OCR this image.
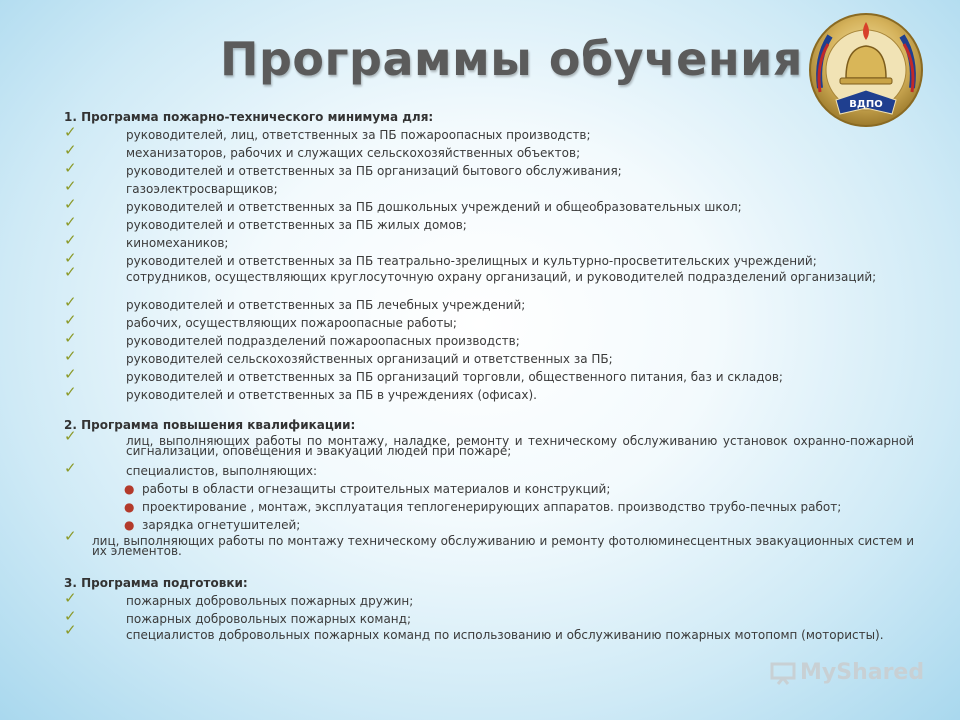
Программы обучения
ВДПО
1. Программа пожарно-технического минимума для:
✓	руководителей, лиц, ответственных за ПБ пожароопасных производств;
✓	механизаторов, рабочих и служащих сельскохозяйственных объектов;
✓	руководителей и ответственных за ПБ организаций бытового обслуживания;
✓	газоэлектросварщиков;
✓	руководителей и ответственных за ПБ дошкольных учреждений и общеобразовательных школ;
✓	руководителей и ответственных за ПБ жилых домов;
✓	киномехаников;
✓	руководителей и ответственных за ПБ театрально-зрелищных и культурно-просветительских учреждений;
✓	сотрудников, осуществляющих круглосуточную охрану организаций, и руководителей подразделений организаций;
✓	руководителей и ответственных за ПБ лечебных учреждений;
✓	рабочих, осуществляющих пожароопасные работы;
✓	руководителей подразделений пожароопасных производств;
✓	руководителей сельскохозяйственных организаций и ответственных за ПБ;
✓	руководителей и ответственных за ПБ организаций торговли, общественного питания, баз и складов;
✓	руководителей и ответственных за ПБ в учреждениях (офисах).
2. Программа повышения квалификации:
✓	лиц, выполняющих работы по монтажу, наладке, ремонту и техническому обслуживанию установок охранно-пожарной сигнализации, оповещения и эвакуации людей при пожаре;
✓	специалистов, выполняющих:
● работы в области огнезащиты строительных материалов и конструкций;
● проектирование , монтаж, эксплуатация теплогенерирующих аппаратов. производство трубо-печных работ;
● зарядка огнетушителей;
✓ лиц, выполняющих работы по монтажу техническому обслуживанию и ремонту фотолюминесцентных эвакуационных систем и их элементов.
3. Программа подготовки:
✓	пожарных добровольных пожарных дружин;
✓	пожарных добровольных пожарных команд;
✓	специалистов добровольных пожарных команд по использованию и обслуживанию пожарных мотопомп (мотористы).
MyShared
